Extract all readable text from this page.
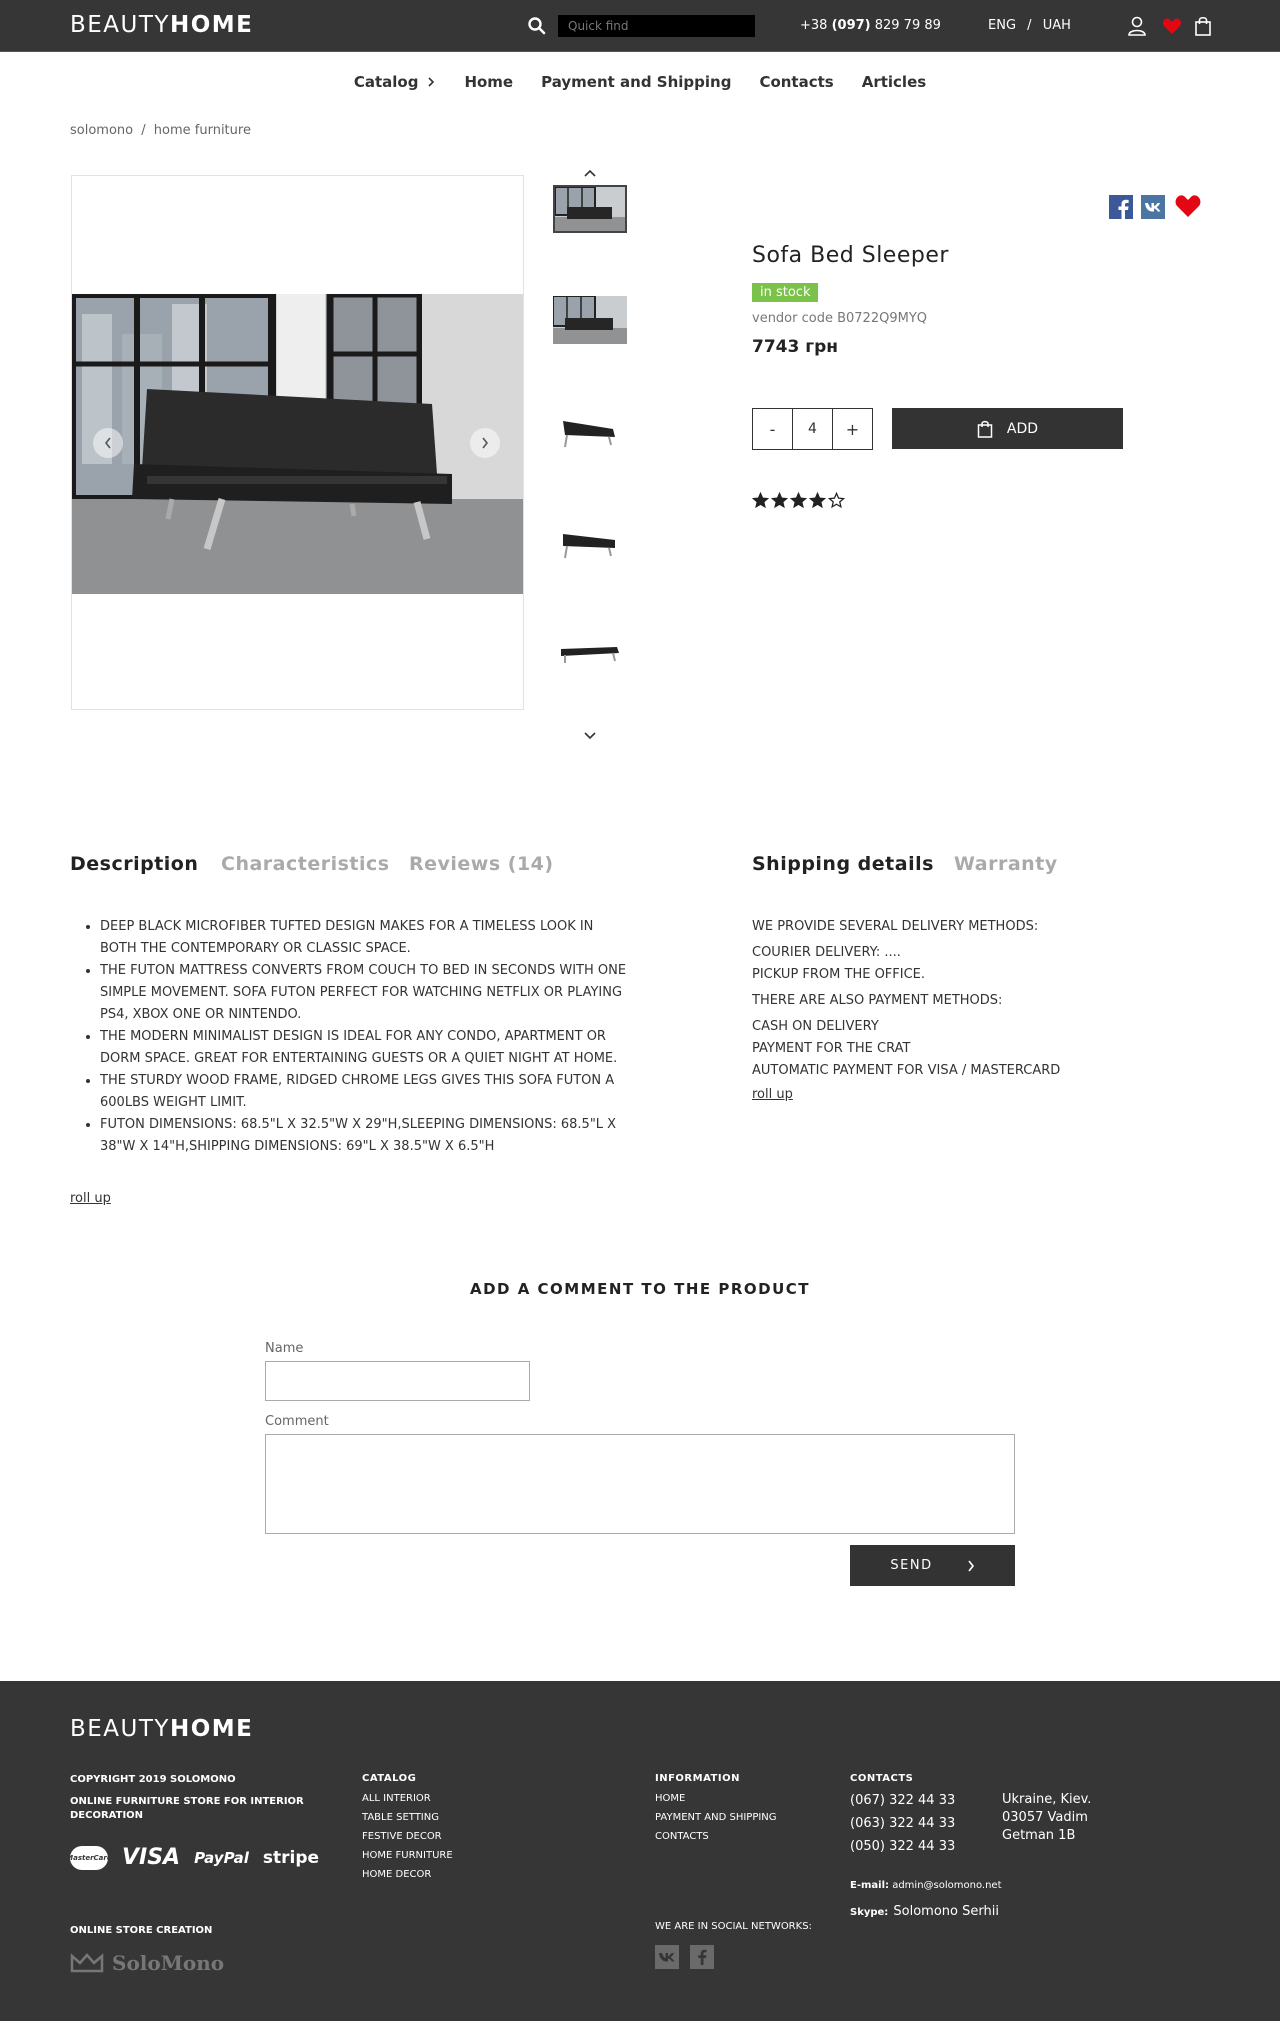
BEAUTYHOME
Quick find	+38 (097) 829 79 89	ENG / UAH
Catalog	Home Payment and Shipping Contacts Articles
solomono / home furniture
Sofa Bed Sleeper
in stock
vendor code B0722Q9MYQ
7743 грн
-	4	+	ADD
Description Characteristics Reviews (14)	Shipping details Warranty
• DEEP BLACK MICROFIBER TUFTED DESIGN MAKES FOR A TIMELESS LOOK IN BOTH THE CONTEMPORARY OR CLASSIC SPACE.
• THE FUTON MATTRESS CONVERTS FROM COUCH TO BED IN SECONDS WITH ONE SIMPLE MOVEMENT. SOFA FUTON PERFECT FOR WATCHING NETFLIX OR PLAYING PS4, XBOX ONE OR NINTENDO.
• THE MODERN MINIMALIST DESIGN IS IDEAL FOR ANY CONDO, APARTMENT OR DORM SPACE. GREAT FOR ENTERTAINING GUESTS OR A QUIET NIGHT AT HOME.
• THE STURDY WOOD FRAME, RIDGED CHROME LEGS GIVES THIS SOFA FUTON A 600LBS WEIGHT LIMIT.
• FUTON DIMENSIONS: 68.5"L X 32.5"W X 29"H,SLEEPING DIMENSIONS: 68.5"L X 38"W X 14"H,SHIPPING DIMENSIONS: 69"L X 38.5"W X 6.5"H
roll up

WE PROVIDE SEVERAL DELIVERY METHODS:

COURIER DELIVERY: ....

PICKUP FROM THE OFFICE.

THERE ARE ALSO PAYMENT METHODS:

CASH ON DELIVERY

PAYMENT FOR THE CRAT

AUTOMATIC PAYMENT FOR VISA / MASTERCARD

roll up
ADD A COMMENT TO THE PRODUCT
Name
Comment
SEND
BEAUTYHOME
COPYRIGHT 2019 SOLOMONO
ONLINE FURNITURE STORE FOR INTERIOR DECORATION
MasterCard VISA PayPal stripe
ONLINE STORE CREATION
SoloMono
CATALOG
ALL INTERIOR
TABLE SETTING
FESTIVE DECOR
HOME FURNITURE
HOME DECOR
INFORMATION
HOME
PAYMENT AND SHIPPING
CONTACTS
WE ARE IN SOCIAL NETWORKS:
CONTACTS
(067) 322 44 33
(063) 322 44 33
(050) 322 44 33
Ukraine, Kiev.
03057 Vadim
Getman 1B
E-mail: admin@solomono.net
Skype: Solomono Serhii
